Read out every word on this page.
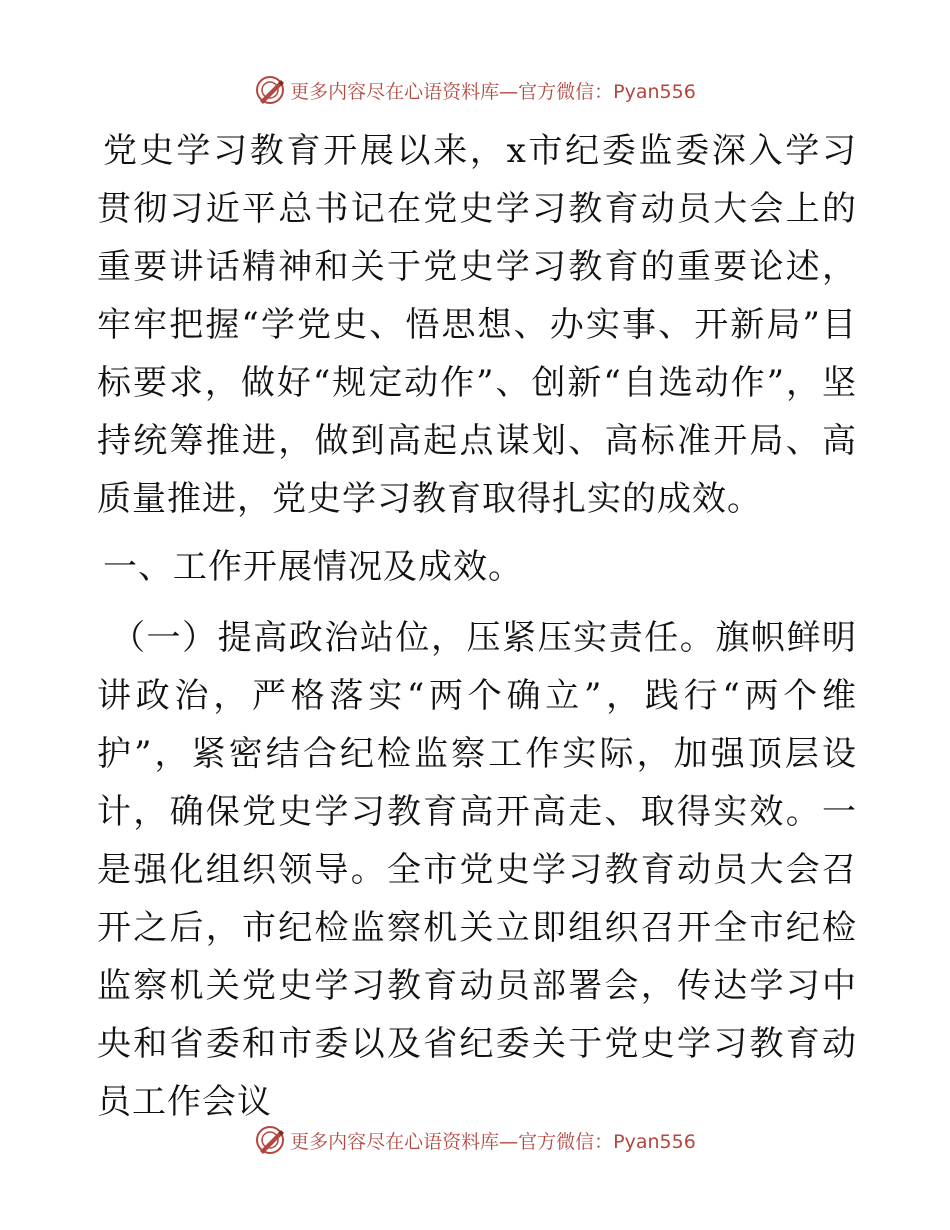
更多内容尽在心语资料库—官方微信：Pyan556

党史学习教育开展以来，x市纪委监委深入学习贯彻习近平总书记在党史学习教育动员大会上的重要讲话精神和关于党史学习教育的重要论述，牢牢把握“学党史、悟思想、办实事、开新局”目标要求，做好“规定动作”、创新“自选动作”，坚持统筹推进，做到高起点谋划、高标准开局、高质量推进，党史学习教育取得扎实的成效。

一、工作开展情况及成效。

（一）提高政治站位，压紧压实责任。旗帜鲜明讲政治，严格落实“两个确立”，践行“两个维护”，紧密结合纪检监察工作实际，加强顶层设计，确保党史学习教育高开高走、取得实效。一是强化组织领导。全市党史学习教育动员大会召开之后，市纪检监察机关立即组织召开全市纪检监察机关党史学习教育动员部署会，传达学习中央和省委和市委以及省纪委关于党史学习教育动员工作会议

更多内容尽在心语资料库—官方微信：Pyan556
